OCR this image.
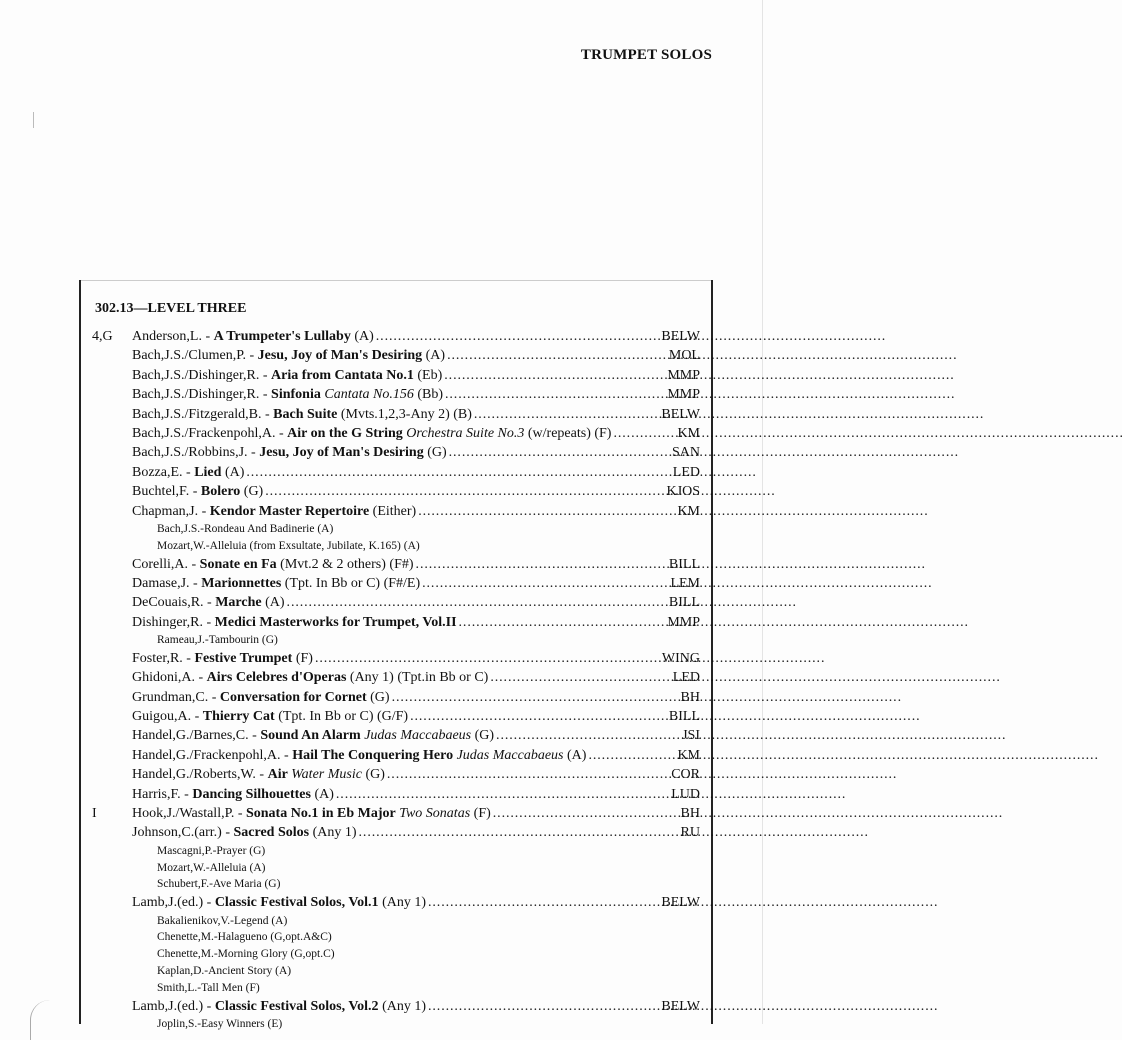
TRUMPET SOLOS
302.13—LEVEL THREE
4,G	Anderson,L. - A Trumpeter's Lullaby (A) . . .	BELW
Bach,J.S./Clumen,P. - Jesu, Joy of Man's Desiring (A) . . .	MOL
Bach,J.S./Dishinger,R. - Aria from Cantata No.1 (Eb) . . .	MMP
Bach,J.S./Dishinger,R. - Sinfonia Cantata No.156 (Bb) . . .	MMP
Bach,J.S./Fitzgerald,B. - Bach Suite (Mvts.1,2,3-Any 2) (B) . . .	BELW
Bach,J.S./Frackenpohl,A. - Air on the G String Orchestra Suite No.3 (w/repeats) (F) . . .	KM
Bach,J.S./Robbins,J. - Jesu, Joy of Man's Desiring (G) . . .	SAN
Bozza,E. - Lied (A) . . .	LED
Buchtel,F. - Bolero (G) . . .	KJOS
Chapman,J. - Kendor Master Repertoire (Either) . . .	KM
Bach,J.S.-Rondeau And Badinerie (A)
Mozart,W.-Alleluia (from Exsultate, Jubilate, K.165) (A)
Corelli,A. - Sonate en Fa (Mvt.2 & 2 others) (F#) . . .	BILL
Damase,J. - Marionnettes (Tpt. In Bb or C) (F#/E) . . .	LEM
DeCouais,R. - Marche (A) . . .	BILL
Dishinger,R. - Medici Masterworks for Trumpet, Vol.II . . .	MMP
Rameau,J.-Tambourin (G)
Foster,R. - Festive Trumpet (F) . . .	WING
Ghidoni,A. - Airs Celebres d'Operas (Any 1) (Tpt.in Bb or C) . . .	LED
Grundman,C. - Conversation for Cornet (G) . . .	BH
Guigou,A. - Thierry Cat (Tpt. In Bb or C) (G/F) . . .	BILL
Handel,G./Barnes,C. - Sound An Alarm Judas Maccabaeus (G) . . .	JSI
Handel,G./Frackenpohl,A. - Hail The Conquering Hero Judas Maccabaeus (A) . . .	KM
Handel,G./Roberts,W. - Air Water Music (G) . . .	COR
Harris,F. - Dancing Silhouettes (A) . . .	LUD
I	Hook,J./Wastall,P. - Sonata No.1 in Eb Major Two Sonatas (F) . . .	BH
Johnson,C.(arr.) - Sacred Solos (Any 1) . . .	RU
Mascagni,P.-Prayer (G)
Mozart,W.-Alleluia (A)
Schubert,F.-Ave Maria (G)
Lamb,J.(ed.) - Classic Festival Solos, Vol.1 (Any 1) . . .	BELW
Bakalienikov,V.-Legend (A)
Chenette,M.-Halagueno (G,opt.A&C)
Chenette,M.-Morning Glory (G,opt.C)
Kaplan,D.-Ancient Story (A)
Smith,L.-Tall Men (F)
Lamb,J.(ed.) - Classic Festival Solos, Vol.2 (Any 1) . . .	BELW
Joplin,S.-Easy Winners (E)
